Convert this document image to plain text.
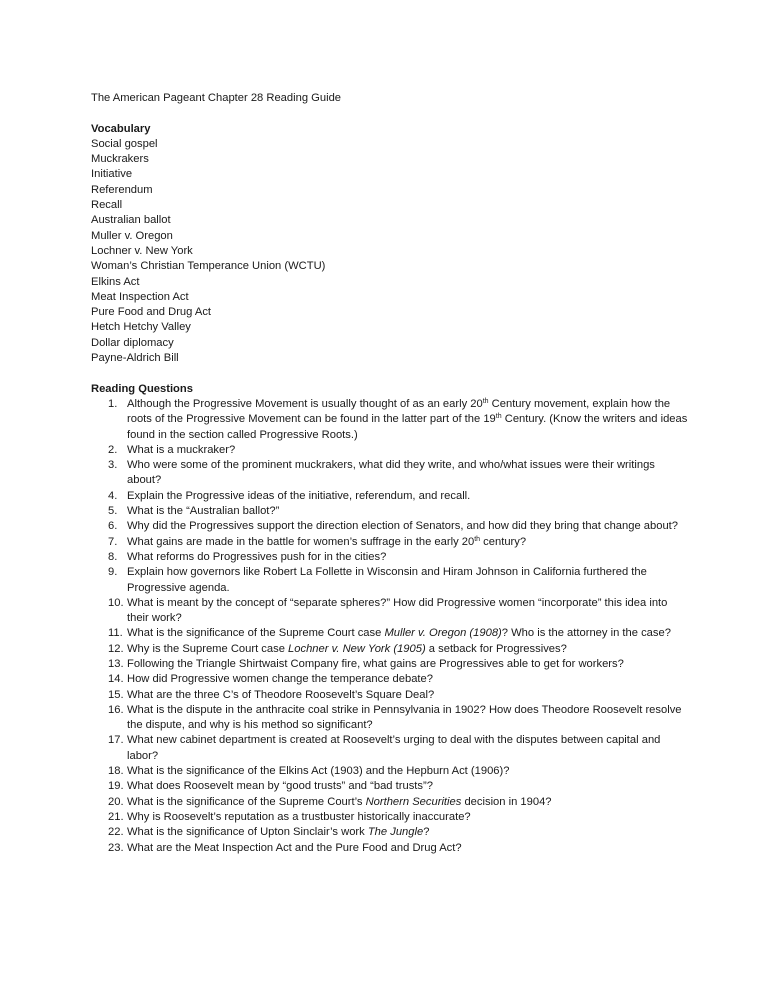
The American Pageant Chapter 28 Reading Guide
Vocabulary
Social gospel
Muckrakers
Initiative
Referendum
Recall
Australian ballot
Muller v. Oregon
Lochner v. New York
Woman’s Christian Temperance Union (WCTU)
Elkins Act
Meat Inspection Act
Pure Food and Drug Act
Hetch Hetchy Valley
Dollar diplomacy
Payne-Aldrich Bill
Reading Questions
1. Although the Progressive Movement is usually thought of as an early 20th Century movement, explain how the roots of the Progressive Movement can be found in the latter part of the 19th Century. (Know the writers and ideas found in the section called Progressive Roots.)
2. What is a muckraker?
3. Who were some of the prominent muckrakers, what did they write, and who/what issues were their writings about?
4. Explain the Progressive ideas of the initiative, referendum, and recall.
5. What is the “Australian ballot?”
6. Why did the Progressives support the direction election of Senators, and how did they bring that change about?
7. What gains are made in the battle for women’s suffrage in the early 20th century?
8. What reforms do Progressives push for in the cities?
9. Explain how governors like Robert La Follette in Wisconsin and Hiram Johnson in California furthered the Progressive agenda.
10. What is meant by the concept of “separate spheres?” How did Progressive women “incorporate” this idea into their work?
11. What is the significance of the Supreme Court case Muller v. Oregon (1908)? Who is the attorney in the case?
12. Why is the Supreme Court case Lochner v. New York (1905) a setback for Progressives?
13. Following the Triangle Shirtwaist Company fire, what gains are Progressives able to get for workers?
14. How did Progressive women change the temperance debate?
15. What are the three C’s of Theodore Roosevelt’s Square Deal?
16. What is the dispute in the anthracite coal strike in Pennsylvania in 1902? How does Theodore Roosevelt resolve the dispute, and why is his method so significant?
17. What new cabinet department is created at Roosevelt’s urging to deal with the disputes between capital and labor?
18. What is the significance of the Elkins Act (1903) and the Hepburn Act (1906)?
19. What does Roosevelt mean by “good trusts” and “bad trusts”?
20. What is the significance of the Supreme Court’s Northern Securities decision in 1904?
21. Why is Roosevelt’s reputation as a trustbuster historically inaccurate?
22. What is the significance of Upton Sinclair’s work The Jungle?
23. What are the Meat Inspection Act and the Pure Food and Drug Act?
